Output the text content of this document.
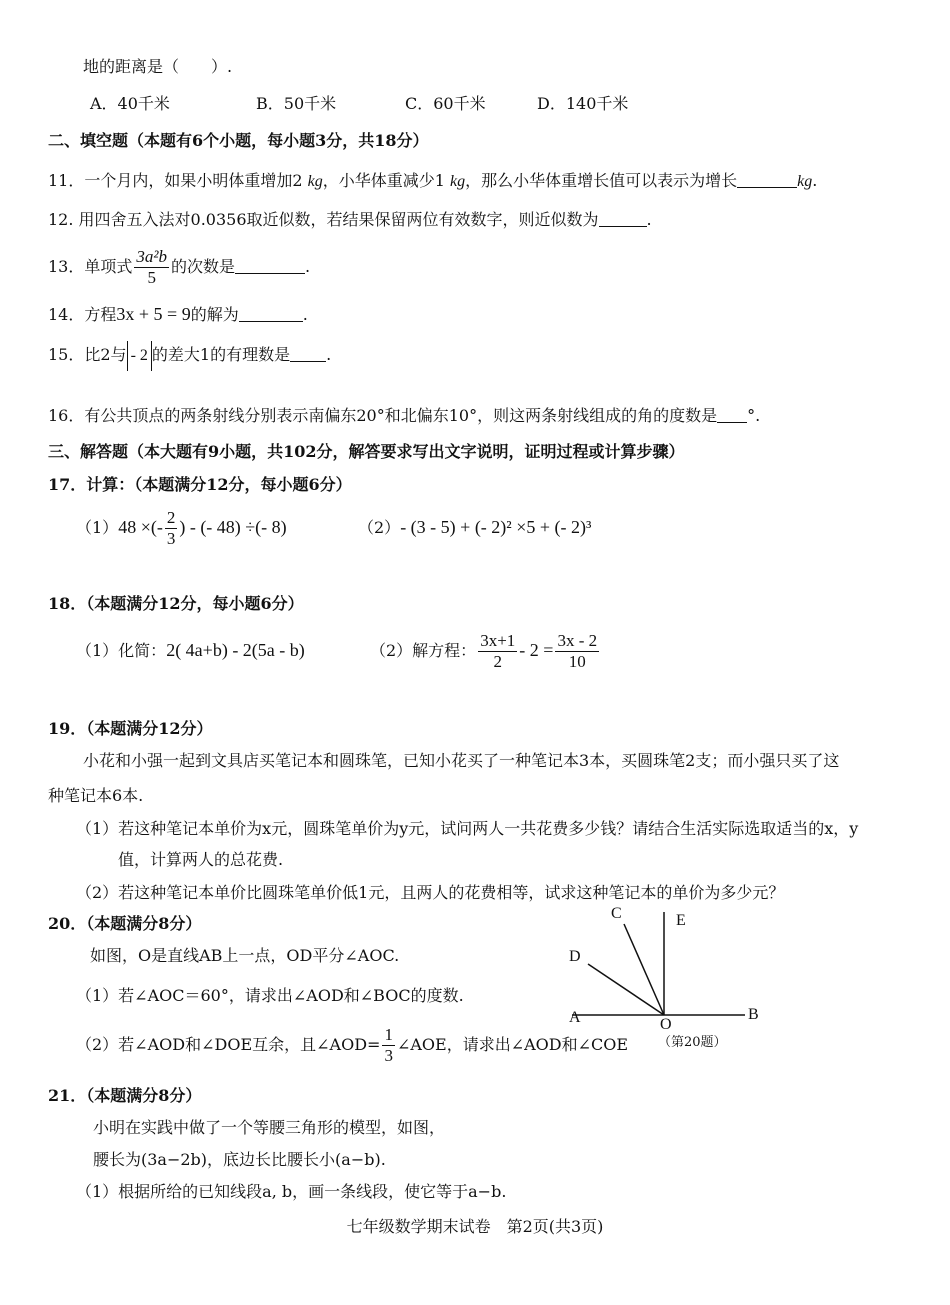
地的距离是（　　）.
A．40千米	B．50千米	C．60千米	D．140千米
二、填空题（本题有6个小题，每小题3分，共18分）
11．一个月内，如果小明体重增加2 kg，小华体重减少1 kg，那么小华体重增长值可以表示为增长	kg.
12. 用四舍五入法对0.0356取近似数，若结果保留两位有效数字，则近似数为	.
13．单项式 $\frac{\text{3a²b}}{5}$ 的次数是	.
14．方程3x + 5 = 9的解为	.
15．比2与 - 2 的差大1的有理数是 .
16．有公共顶点的两条射线分别表示南偏东20°和北偏东10°，则这两条射线组成的角的度数是 °.
三、解答题（本大题有9小题，共102分，解答要求写出文字说明，证明过程或计算步骤）
17．计算：（本题满分12分，每小题6分）
（1）48 ×(- $\frac{2}{3}$ ) - (- 48) ÷(- 8)	（2）- (3 - 5) + (- 2)² ×5 + (- 2)³
18．（本题满分12分，每小题6分）
（1）化简：2( 4a+b) - 2(5a - b)	（2）解方程： $\frac{3x+1}{2} - 2 = \frac{3x - 2}{10}$
19．（本题满分12分）
小花和小强一起到文具店买笔记本和圆珠笔，已知小花买了一种笔记本3本，买圆珠笔2支；而小强只买了这
种笔记本6本.
（1）若这种笔记本单价为x元，圆珠笔单价为y元，试问两人一共花费多少钱？请结合生活实际选取适当的x，y
值，计算两人的总花费.
（2）若这种笔记本单价比圆珠笔单价低1元，且两人的花费相等，试求这种笔记本的单价为多少元？
20．（本题满分8分）
如图，O是直线AB上一点，OD平分∠AOC.
（1）若∠AOC＝60°，请求出∠AOD和∠BOC的度数.
（2）若∠AOD和∠DOE互余，且∠AOD= $\frac{1}{3}$ ∠AOE，请求出∠AOD和∠COE
C	E
D
A	O
B
（第20题）
21．（本题满分8分）
小明在实践中做了一个等腰三角形的模型，如图，
腰长为(3a−2b)，底边长比腰长小(a−b).
（1）根据所给的已知线段a, b，画一条线段，使它等于a−b.
七年级数学期末试卷　第2页(共3页)
